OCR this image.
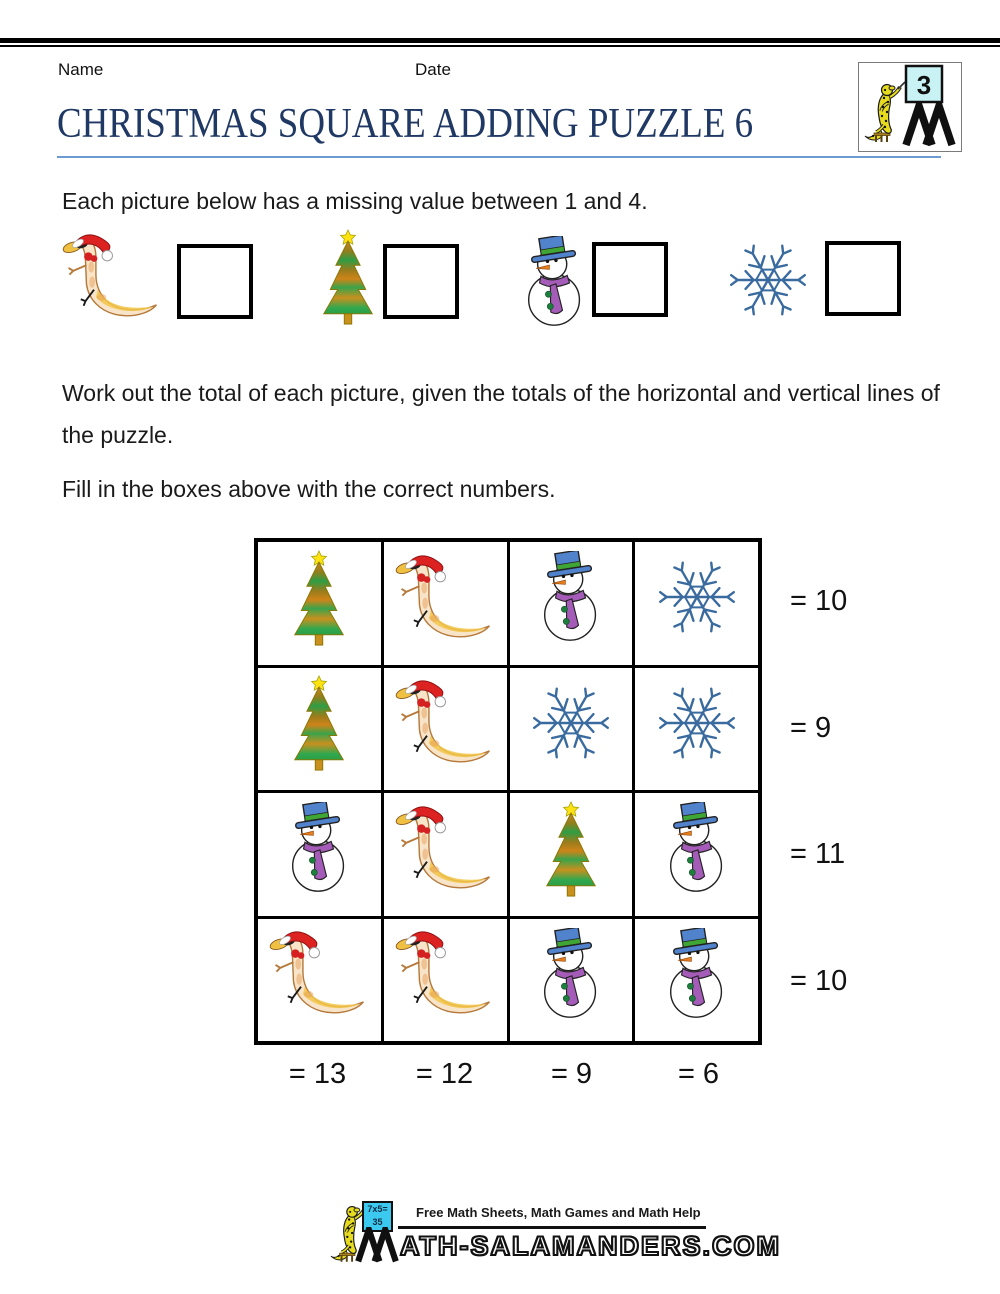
Name	Date
3
CHRISTMAS SQUARE ADDING PUZZLE 6

Each picture below has a missing value between 1 and 4.

Work out the total of each picture, given the totals of the horizontal and vertical lines of the puzzle.

Fill in the boxes above with the correct numbers.

= 10
= 9
= 11
= 10
= 13	= 12	= 9	= 6
7x5=
35
Free Math Sheets, Math Games and Math Help
ATH-SALAMANDERS.COM
